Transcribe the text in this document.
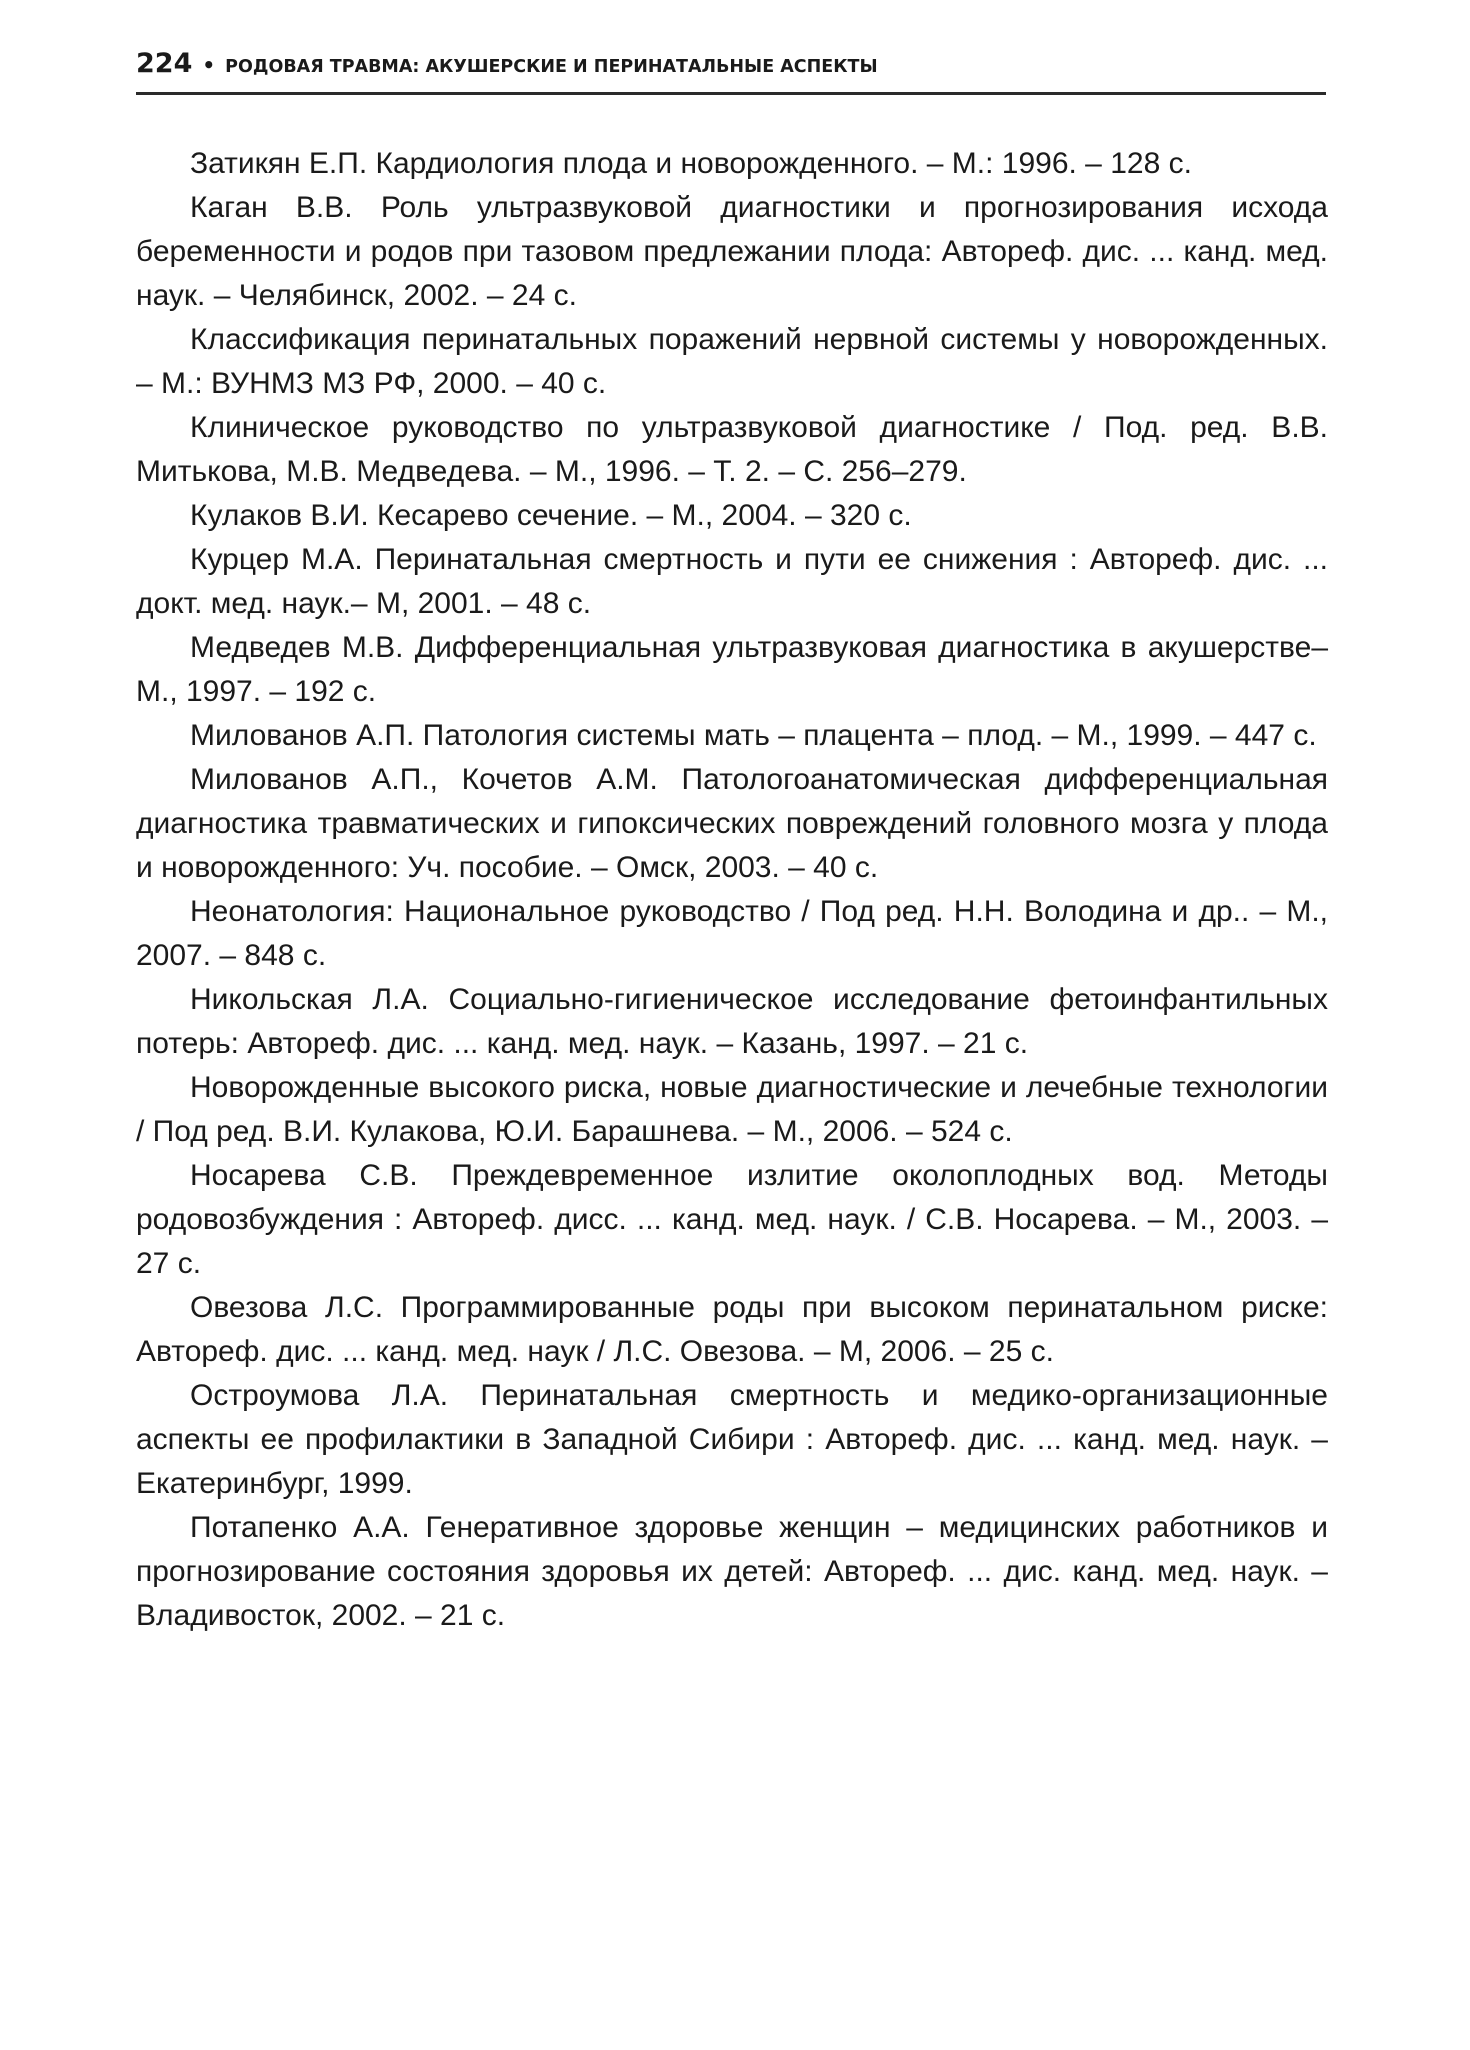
224 • РОДОВАЯ ТРАВМА: АКУШЕРСКИЕ И ПЕРИНАТАЛЬНЫЕ АСПЕКТЫ

Затикян Е.П. Кардиология плода и новорожденного. – М.: 1996. – 128 с.

Каган В.В. Роль ультразвуковой диагностики и прогнозирования исхода беременности и родов при тазовом предлежании плода: Автореф. дис. ... канд. мед. наук. – Челябинск, 2002. – 24 с.

Классификация перинатальных поражений нервной системы у новорожденных. – М.: ВУНМЗ МЗ РФ, 2000. – 40 с.

Клиническое руководство по ультразвуковой диагностике / Под. ред. В.В. Митькова, М.В. Медведева. – М., 1996. – Т. 2. – С. 256–279.

Кулаков В.И. Кесарево сечение. – М., 2004. – 320 с.

Курцер М.А. Перинатальная смертность и пути ее снижения : Автореф. дис. ... докт. мед. наук.– М, 2001. – 48 с.

Медведев М.В. Дифференциальная ультразвуковая диагностика в акушерстве– М., 1997. – 192 с.

Милованов А.П. Патология системы мать – плацента – плод. – М., 1999. – 447 с.

Милованов А.П., Кочетов А.М. Патологоанатомическая дифференциальная диагностика травматических и гипоксических повреждений головного мозга у плода и новорожденного: Уч. пособие. – Омск, 2003. – 40 с.

Неонатология: Национальное руководство / Под ред. Н.Н. Володина и др.. – М., 2007. – 848 с.

Никольская Л.А. Социально-гигиеническое исследование фетоинфантильных потерь: Автореф. дис. ... канд. мед. наук. – Казань, 1997. – 21 с.

Новорожденные высокого риска, новые диагностические и лечебные технологии / Под ред. В.И. Кулакова, Ю.И. Барашнева. – М., 2006. – 524 с.

Носарева С.В. Преждевременное излитие околоплодных вод. Методы родовозбуждения : Автореф. дисс. ... канд. мед. наук. / С.В. Носарева. – М., 2003. – 27 с.

Овезова Л.С. Программированные роды при высоком перинатальном риске: Автореф. дис. ... канд. мед. наук / Л.С. Овезова. – М, 2006. – 25 с.

Остроумова Л.А. Перинатальная смертность и медико-организационные аспекты ее профилактики в Западной Сибири : Автореф. дис. ... канд. мед. наук. – Екатеринбург, 1999.

Потапенко А.А. Генеративное здоровье женщин – медицинских работников и прогнозирование состояния здоровья их детей: Автореф. ... дис. канд. мед. наук. – Владивосток, 2002. – 21 с.
